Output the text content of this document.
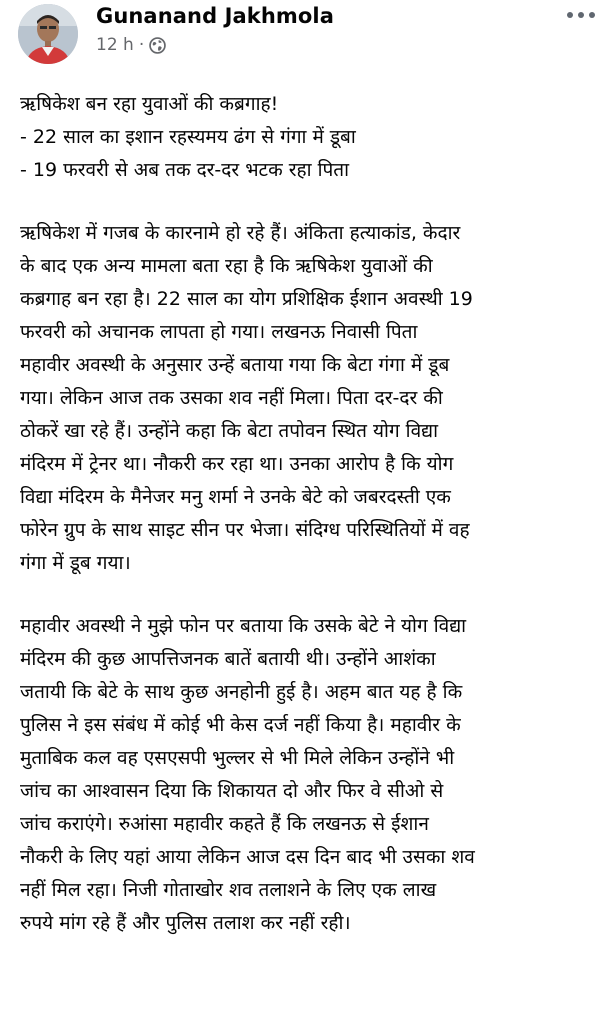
Gunanand Jakhmola
12 h ·

ऋषिकेश बन रहा युवाओं की कब्रगाह!
- 22 साल का इशान रहस्यमय ढंग से गंगा में डूबा
- 19 फरवरी से अब तक दर-दर भटक रहा पिता

ऋषिकेश में गजब के कारनामे हो रहे हैं। अंकिता हत्याकांड, केदार
के बाद एक अन्य मामला बता रहा है कि ऋषिकेश युवाओं की
कब्रगाह बन रहा है। 22 साल का योग प्रशिक्षिक ईशान अवस्थी 19
फरवरी को अचानक लापता हो गया। लखनऊ निवासी पिता
महावीर अवस्थी के अनुसार उन्हें बताया गया कि बेटा गंगा में डूब
गया। लेकिन आज तक उसका शव नहीं मिला। पिता दर-दर की
ठोकरें खा रहे हैं। उन्होंने कहा कि बेटा तपोवन स्थित योग विद्या
मंदिरम में ट्रेनर था। नौकरी कर रहा था। उनका आरोप है कि योग
विद्या मंदिरम के मैनेजर मनु शर्मा ने उनके बेटे को जबरदस्ती एक
फोरेन ग्रुप के साथ साइट सीन पर भेजा। संदिग्ध परिस्थितियों में वह
गंगा में डूब गया।

महावीर अवस्थी ने मुझे फोन पर बताया कि उसके बेटे ने योग विद्या
मंदिरम की कुछ आपत्तिजनक बातें बतायी थी। उन्होंने आशंका
जतायी कि बेटे के साथ कुछ अनहोनी हुई है। अहम बात यह है कि
पुलिस ने इस संबंध में कोई भी केस दर्ज नहीं किया है। महावीर के
मुताबिक कल वह एसएसपी भुल्लर से भी मिले लेकिन उन्होंने भी
जांच का आश्वासन दिया कि शिकायत दो और फिर वे सीओ से
जांच कराएंगे। रुआंसा महावीर कहते हैं कि लखनऊ से ईशान
नौकरी के लिए यहां आया लेकिन आज दस दिन बाद भी उसका शव
नहीं मिल रहा। निजी गोताखोर शव तलाशने के लिए एक लाख
रुपये मांग रहे हैं और पुलिस तलाश कर नहीं रही।
